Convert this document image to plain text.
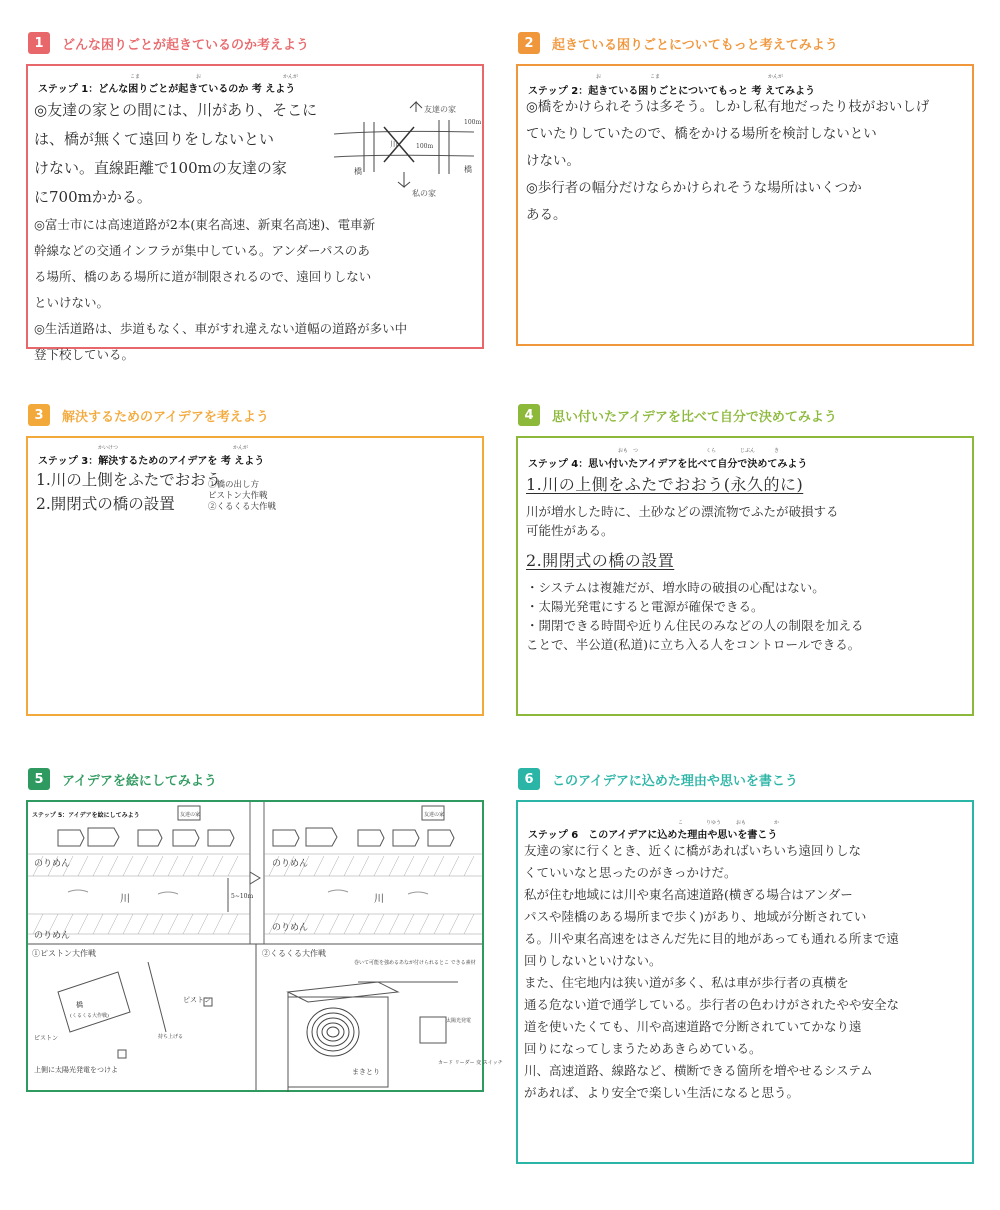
1	どんな困りごとが起きているのか考えよう
こま	お	かんが
ステップ 1：どんな困りごとが起きているのか 考 えよう
◎友達の家との間には、川があり、そこに
は、橋が無くて遠回りをしないとい
けない。直線距離で100mの友達の家
に700mかかる。
◎富士市には高速道路が2本(東名高速、新東名高速)、電車新
幹線などの交通インフラが集中している。アンダーパスのあ
る場所、橋のある場所に道が制限されるので、遠回りしない
といけない。
◎生活道路は、歩道もなく、車がすれ違えない道幅の道路が多い中
登下校している。
友達の家
100m
川	100m
橋	橋
私の家
2	起きている困りごとについてもっと考えてみよう
お	こま	かんが
ステップ 2：起きている困りごとについてもっと 考 えてみよう
◎橋をかけられそうは多そう。しかし私有地だったり枝がおいしげ
ていたりしていたので、橋をかける場所を検討しないとい
けない。
◎歩行者の幅分だけならかけられそうな場所はいくつか
ある。
3	解決するためのアイデアを考えよう
かいけつ	かんが
ステップ 3：解決するためのアイデアを 考 えよう
1.川の上側をふたでおおう
2.開閉式の橋の設置
①橋の出し方
ピストン大作戦
②くるくる大作戦
4	思い付いたアイデアを比べて自分で決めてみよう
おも　つ	くら	じぶん	き
ステップ 4：思い付いたアイデアを比べて自分で決めてみよう
1.川の上側をふたでおおう(永久的に)
川が増水した時に、土砂などの漂流物でふたが破損する
可能性がある。
2.開閉式の橋の設置
・システムは複雑だが、増水時の破損の心配はない。
・太陽光発電にすると電源が確保できる。
・開閉できる時間や近りん住民のみなどの人の制限を加える
ことで、半公道(私道)に立ち入る人をコントロールできる。
5	アイデアを絵にしてみよう
ステップ 5：アイデアを絵にしてみよう
のりめん
のりめん
のりめん
のりめん
川	川
5~10m
友達の家	友達の家
①ピストン大作戦
橋
(くるくる大作戦)
ピストン
ピストン	持ち上げる
上側に太陽光発電をつけよ
②くるくる大作戦
巻いて可能を強めるあなが付けられるとこ できる素材
まきとり
太陽光発電
カード リーダー 変 スイッチ
6	このアイデアに込めた理由や思いを書こう
こ	りゆう	おも	か
ステップ 6　このアイデアに込めた理由や思いを書こう
友達の家に行くとき、近くに橋があればいちいち遠回りしな
くていいなと思ったのがきっかけだ。
私が住む地域には川や東名高速道路(横ぎる場合はアンダー
パスや陸橋のある場所まで歩く)があり、地域が分断されてい
る。川や東名高速をはさんだ先に目的地があっても通れる所まで遠
回りしないといけない。
また、住宅地内は狭い道が多く、私は車が歩行者の真横を
通る危ない道で通学している。歩行者の色わけがされたやや安全な
道を使いたくても、川や高速道路で分断されていてかなり遠
回りになってしまうためあきらめている。
川、高速道路、線路など、横断できる箇所を増やせるシステム
があれば、より安全で楽しい生活になると思う。
